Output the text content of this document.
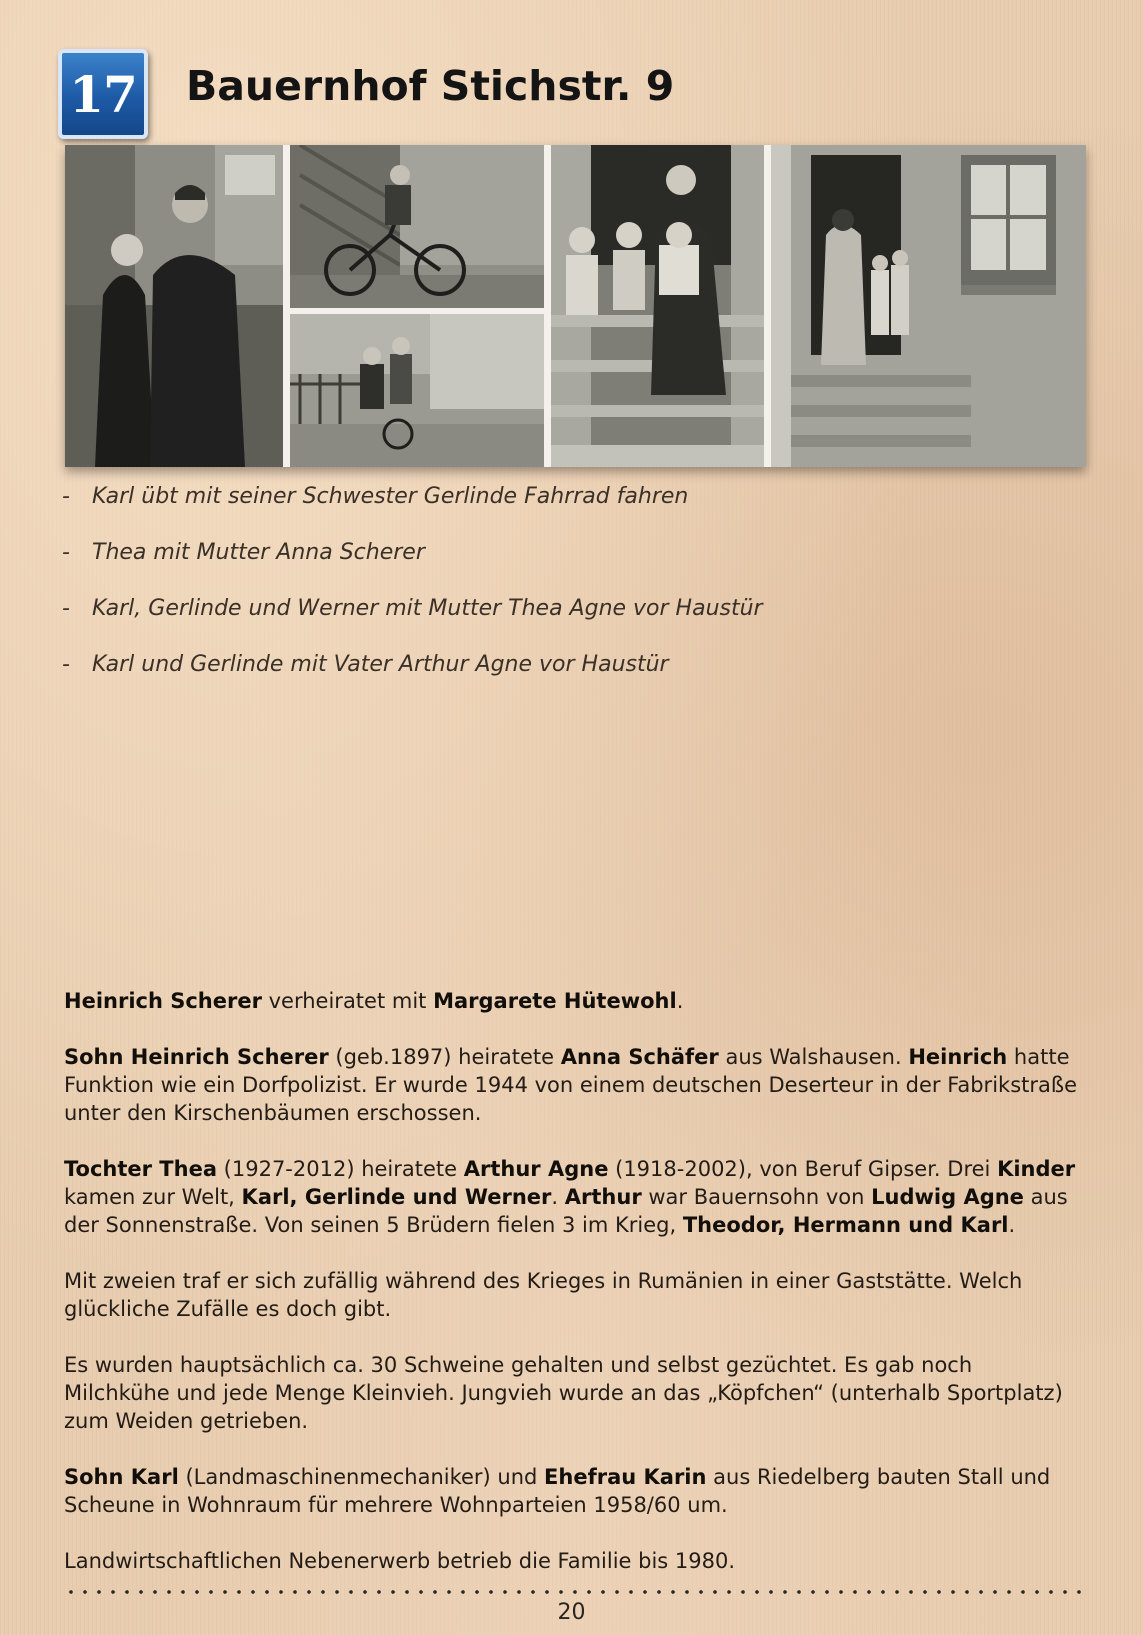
17 Bauernhof Stichstr. 9
- Karl übt mit seiner Schwester Gerlinde Fahrrad fahren
- Thea mit Mutter Anna Scherer
- Karl, Gerlinde und Werner mit Mutter Thea Agne vor Haustür
- Karl und Gerlinde mit Vater Arthur Agne vor Haustür

Heinrich Scherer verheiratet mit Margarete Hütewohl.

Sohn Heinrich Scherer (geb.1897) heiratete Anna Schäfer aus Walshausen. Heinrich hatte Funktion wie ein Dorfpolizist. Er wurde 1944 von einem deutschen Deserteur in der Fabrikstraße unter den Kirschenbäumen erschossen.

Tochter Thea (1927-2012) heiratete Arthur Agne (1918-2002), von Beruf Gipser. Drei Kinder kamen zur Welt, Karl, Gerlinde und Werner. Arthur war Bauernsohn von Ludwig Agne aus der Sonnenstraße. Von seinen 5 Brüdern fielen 3 im Krieg, Theodor, Hermann und Karl.

Mit zweien traf er sich zufällig während des Krieges in Rumänien in einer Gaststätte. Welch glückliche Zufälle es doch gibt.

Es wurden hauptsächlich ca. 30 Schweine gehalten und selbst gezüchtet. Es gab noch Milchkühe und jede Menge Kleinvieh. Jungvieh wurde an das „Köpfchen“ (unterhalb Sportplatz) zum Weiden getrieben.

Sohn Karl (Landmaschinenmechaniker) und Ehefrau Karin aus Riedelberg bauten Stall und Scheune in Wohnraum für mehrere Wohnparteien 1958/60 um.

Landwirtschaftlichen Nebenerwerb betrieb die Familie bis 1980.

20
